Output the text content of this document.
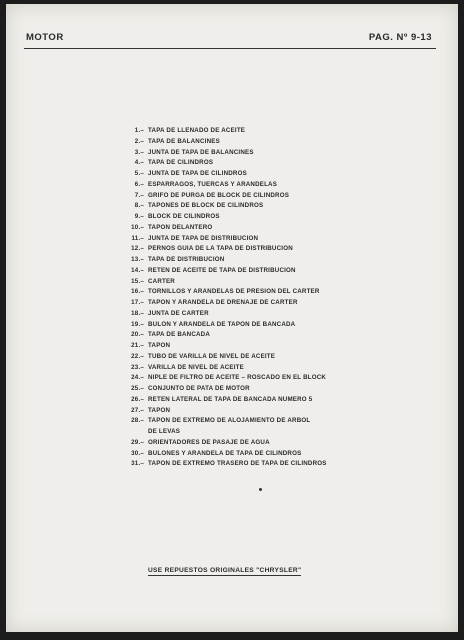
MOTOR	PAG. Nº 9-13
1.– TAPA DE LLENADO DE ACEITE
2.– TAPA DE BALANCINES
3.– JUNTA DE TAPA DE BALANCINES
4.– TAPA DE CILINDROS
5.– JUNTA DE TAPA DE CILINDROS
6.– ESPARRAGOS, TUERCAS Y ARANDELAS
7.– GRIFO DE PURGA DE BLOCK DE CILINDROS
8.– TAPONES DE BLOCK DE CILINDROS
9.– BLOCK DE CILINDROS
10.– TAPON DELANTERO
11.– JUNTA DE TAPA DE DISTRIBUCION
12.– PERNOS GUIA DE LA TAPA DE DISTRIBUCION
13.– TAPA DE DISTRIBUCION
14.– RETEN DE ACEITE DE TAPA DE DISTRIBUCION
15.– CARTER
16.– TORNILLOS Y ARANDELAS DE PRESION DEL CARTER
17.– TAPON Y ARANDELA DE DRENAJE DE CARTER
18.– JUNTA DE CARTER
19.– BULON Y ARANDELA DE TAPON DE BANCADA
20.– TAPA DE BANCADA
21.– TAPON
22.– TUBO DE VARILLA DE NIVEL DE ACEITE
23.– VARILLA DE NIVEL DE ACEITE
24.– NIPLE DE FILTRO DE ACEITE – ROSCADO EN EL BLOCK
25.– CONJUNTO DE PATA DE MOTOR
26.– RETEN LATERAL DE TAPA DE BANCADA NUMERO 5
27.– TAPON
28.– TAPON DE EXTREMO DE ALOJAMIENTO DE ARBOL
DE LEVAS
29.– ORIENTADORES DE PASAJE DE AGUA
30.– BULONES Y ARANDELA DE TAPA DE CILINDROS
31.– TAPON DE EXTREMO TRASERO DE TAPA DE CILINDROS
USE REPUESTOS ORIGINALES "CHRYSLER"
